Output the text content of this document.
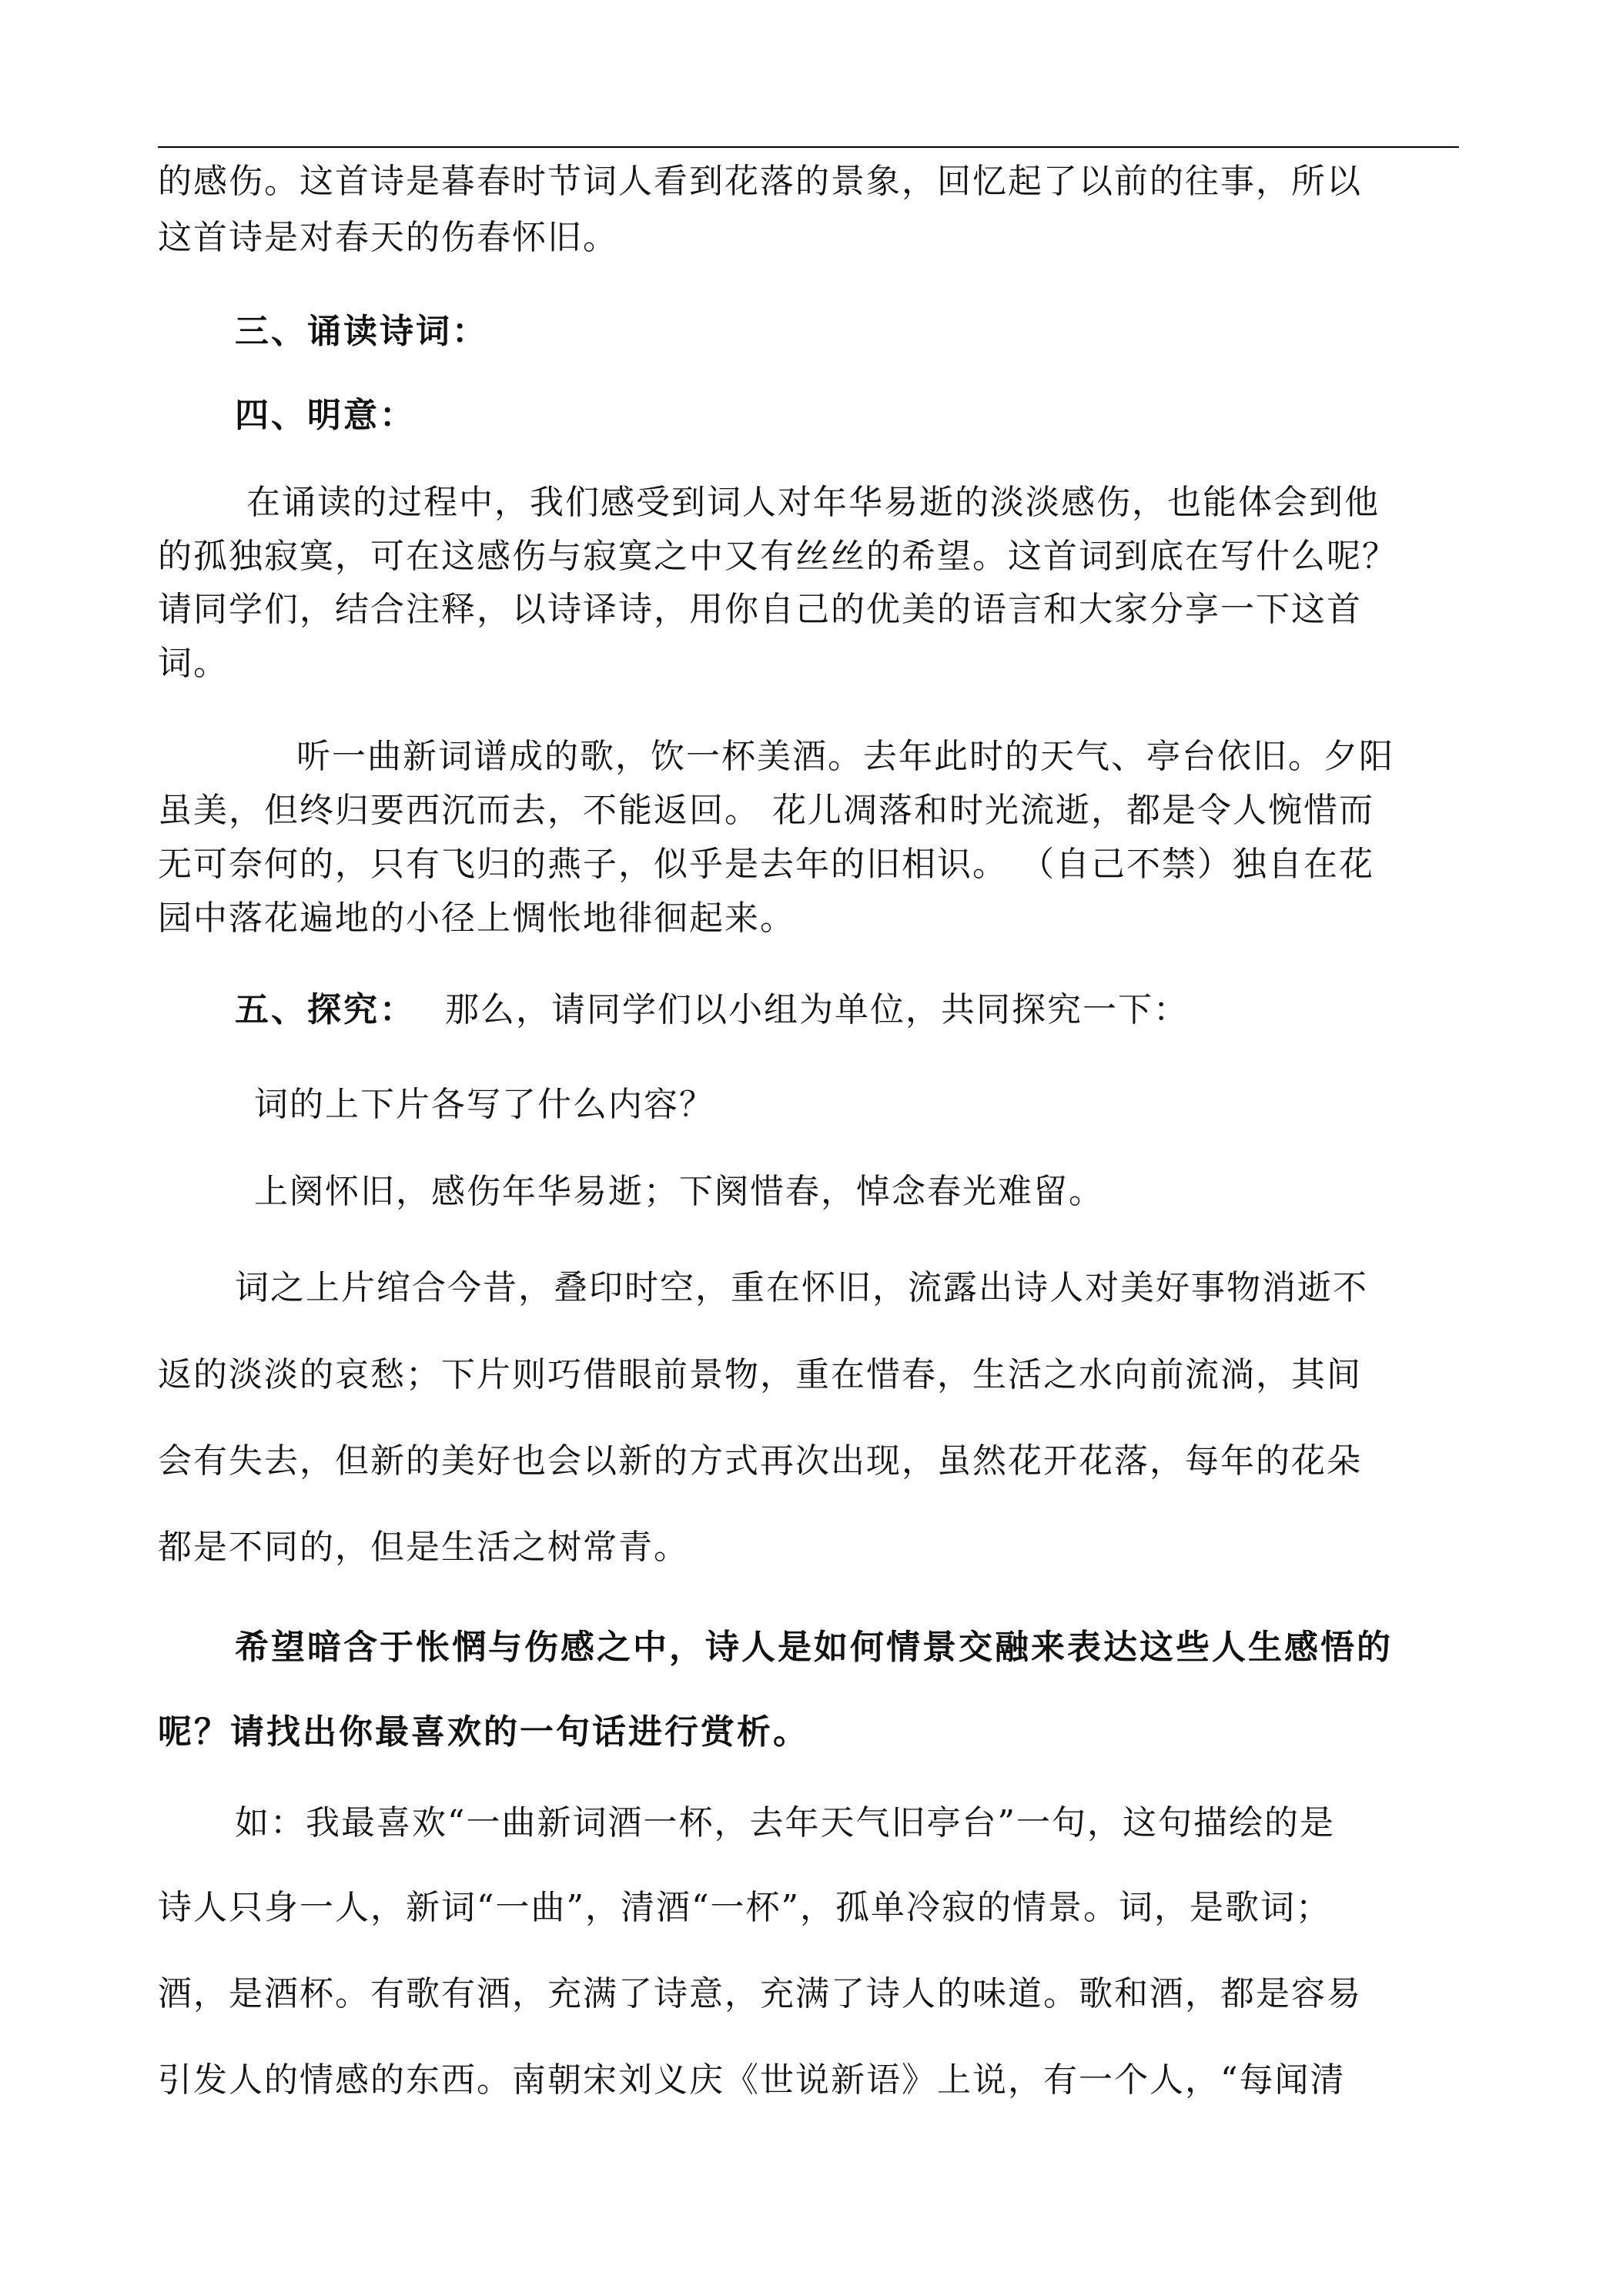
的感伤。这首诗是暮春时节词人看到花落的景象，回忆起了以前的往事，所以
这首诗是对春天的伤春怀旧。
三、诵读诗词：
四、明意：
在诵读的过程中，我们感受到词人对年华易逝的淡淡感伤，也能体会到他
的孤独寂寞，可在这感伤与寂寞之中又有丝丝的希望。这首词到底在写什么呢？
请同学们，结合注释，以诗译诗，用你自己的优美的语言和大家分享一下这首
词。
听一曲新词谱成的歌，饮一杯美酒。去年此时的天气、亭台依旧。夕阳
虽美，但终归要西沉而去，不能返回。 花儿凋落和时光流逝，都是令人惋惜而
无可奈何的，只有飞归的燕子，似乎是去年的旧相识。 （自己不禁）独自在花
园中落花遍地的小径上惆怅地徘徊起来。
五、探究： 那么，请同学们以小组为单位，共同探究一下：
词的上下片各写了什么内容？
上阕怀旧，感伤年华易逝；下阕惜春，悼念春光难留。
词之上片绾合今昔，叠印时空，重在怀旧，流露出诗人对美好事物消逝不
返的淡淡的哀愁；下片则巧借眼前景物，重在惜春，生活之水向前流淌，其间
会有失去，但新的美好也会以新的方式再次出现，虽然花开花落，每年的花朵
都是不同的，但是生活之树常青。
希望暗含于怅惘与伤感之中，诗人是如何情景交融来表达这些人生感悟的
呢？请找出你最喜欢的一句话进行赏析。
如：我最喜欢“一曲新词酒一杯，去年天气旧亭台”一句，这句描绘的是
诗人只身一人，新词“一曲”，清酒“一杯”，孤单冷寂的情景。词，是歌词；
酒，是酒杯。有歌有酒，充满了诗意，充满了诗人的味道。歌和酒，都是容易
引发人的情感的东西。南朝宋刘义庆《世说新语》上说，有一个人，“每闻清
